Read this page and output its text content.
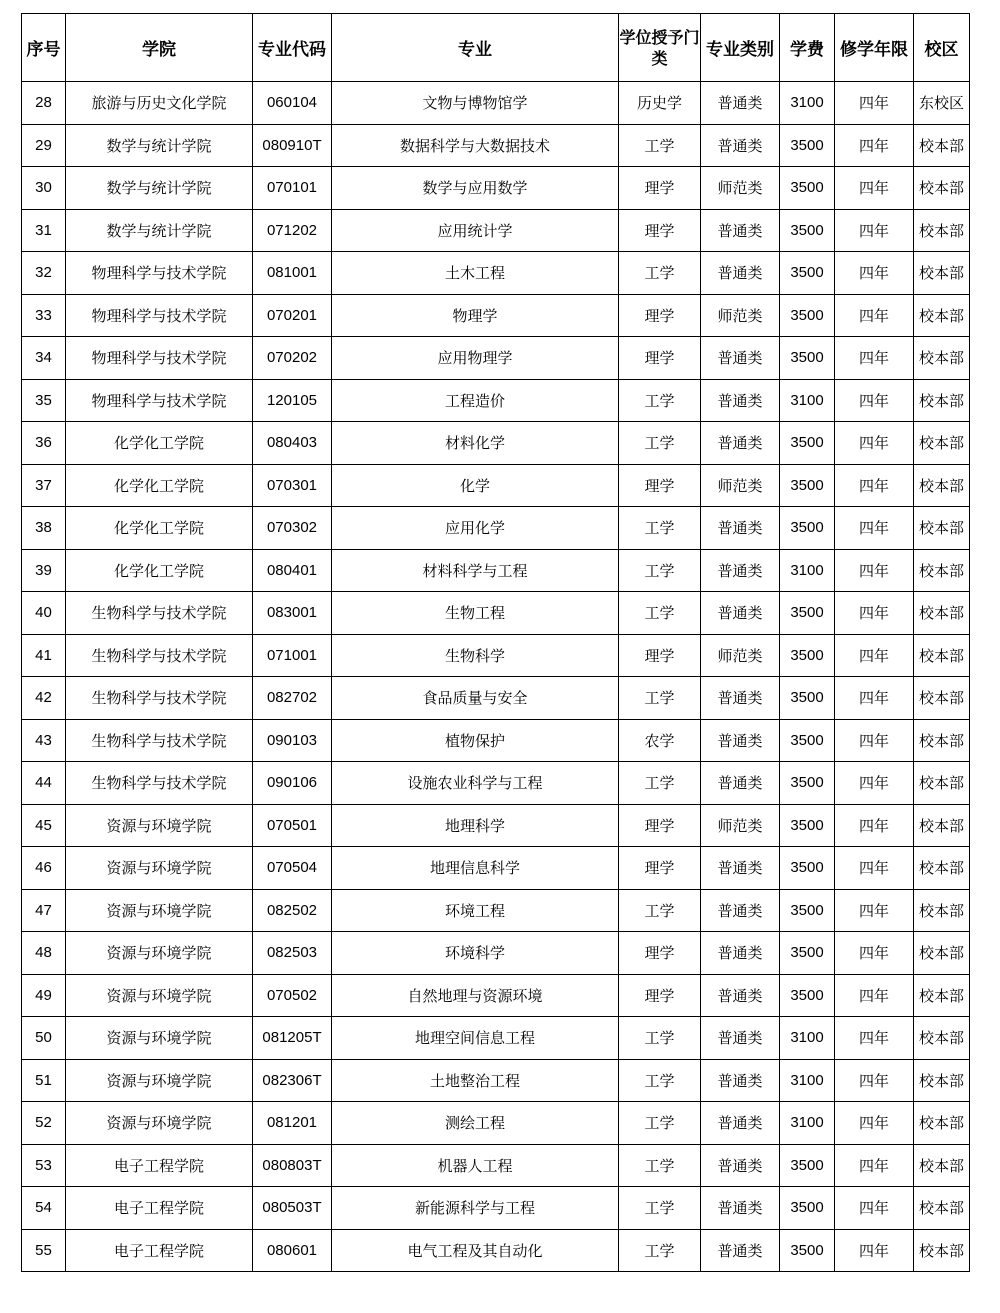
序号	学院	专业代码	专业	学位授予门类	专业类别	学费	修学年限	校区
28	旅游与历史文化学院	060104	文物与博物馆学	历史学	普通类	3100	四年	东校区
29	数学与统计学院	080910T	数据科学与大数据技术	工学	普通类	3500	四年	校本部
30	数学与统计学院	070101	数学与应用数学	理学	师范类	3500	四年	校本部
31	数学与统计学院	071202	应用统计学	理学	普通类	3500	四年	校本部
32	物理科学与技术学院	081001	土木工程	工学	普通类	3500	四年	校本部
33	物理科学与技术学院	070201	物理学	理学	师范类	3500	四年	校本部
34	物理科学与技术学院	070202	应用物理学	理学	普通类	3500	四年	校本部
35	物理科学与技术学院	120105	工程造价	工学	普通类	3100	四年	校本部
36	化学化工学院	080403	材料化学	工学	普通类	3500	四年	校本部
37	化学化工学院	070301	化学	理学	师范类	3500	四年	校本部
38	化学化工学院	070302	应用化学	工学	普通类	3500	四年	校本部
39	化学化工学院	080401	材料科学与工程	工学	普通类	3100	四年	校本部
40	生物科学与技术学院	083001	生物工程	工学	普通类	3500	四年	校本部
41	生物科学与技术学院	071001	生物科学	理学	师范类	3500	四年	校本部
42	生物科学与技术学院	082702	食品质量与安全	工学	普通类	3500	四年	校本部
43	生物科学与技术学院	090103	植物保护	农学	普通类	3500	四年	校本部
44	生物科学与技术学院	090106	设施农业科学与工程	工学	普通类	3500	四年	校本部
45	资源与环境学院	070501	地理科学	理学	师范类	3500	四年	校本部
46	资源与环境学院	070504	地理信息科学	理学	普通类	3500	四年	校本部
47	资源与环境学院	082502	环境工程	工学	普通类	3500	四年	校本部
48	资源与环境学院	082503	环境科学	理学	普通类	3500	四年	校本部
49	资源与环境学院	070502	自然地理与资源环境	理学	普通类	3500	四年	校本部
50	资源与环境学院	081205T	地理空间信息工程	工学	普通类	3100	四年	校本部
51	资源与环境学院	082306T	土地整治工程	工学	普通类	3100	四年	校本部
52	资源与环境学院	081201	测绘工程	工学	普通类	3100	四年	校本部
53	电子工程学院	080803T	机器人工程	工学	普通类	3500	四年	校本部
54	电子工程学院	080503T	新能源科学与工程	工学	普通类	3500	四年	校本部
55	电子工程学院	080601	电气工程及其自动化	工学	普通类	3500	四年	校本部
